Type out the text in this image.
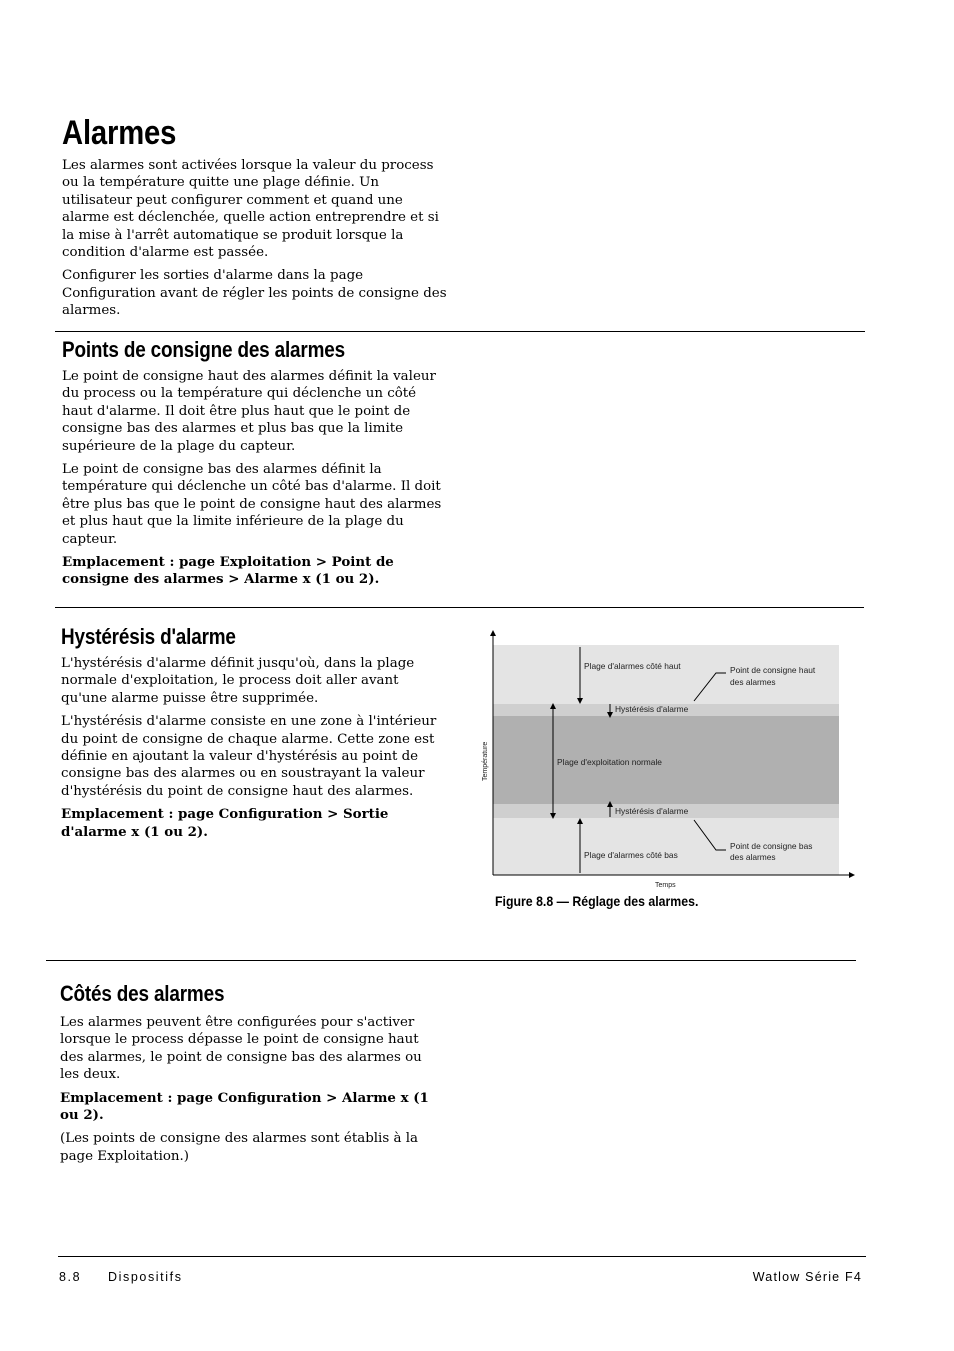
Alarmes

Les alarmes sont activées lorsque la valeur du process ou la température quitte une plage définie. Un utilisateur peut configurer comment et quand une alarme est déclenchée, quelle action entreprendre et si la mise à l'arrêt automatique se produit lorsque la condition d'alarme est passée.

Configurer les sorties d'alarme dans la page Configuration avant de régler les points de consigne des alarmes.

Points de consigne des alarmes

Le point de consigne haut des alarmes définit la valeur du process ou la température qui déclenche un côté haut d'alarme. Il doit être plus haut que le point de consigne bas des alarmes et plus bas que la limite supérieure de la plage du capteur.

Le point de consigne bas des alarmes définit la température qui déclenche un côté bas d'alarme. Il doit être plus bas que le point de consigne haut des alarmes et plus haut que la limite inférieure de la plage du capteur.

Emplacement : page Exploitation > Point de consigne des alarmes > Alarme x (1 ou 2).

Hystérésis d'alarme

L'hystérésis d'alarme définit jusqu'où, dans la plage normale d'exploitation, le process doit aller avant qu'une alarme puisse être supprimée.

L'hystérésis d'alarme consiste en une zone à l'intérieur du point de consigne de chaque alarme. Cette zone est définie en ajoutant la valeur d'hystérésis au point de consigne bas des alarmes ou en soustrayant la valeur d'hystérésis du point de consigne haut des alarmes.

Emplacement : page Configuration > Sortie d'alarme x (1 ou 2).

Plage d'alarmes côté haut
Hystérésis d'alarme
Plage d'exploitation normale
Hystérésis d'alarme
Plage d'alarmes côté bas
Point de consigne haut
des alarmes
Point de consigne bas
des alarmes
Temps
Température
Figure 8.8 — Réglage des alarmes.
Côtés des alarmes

Les alarmes peuvent être configurées pour s'activer lorsque le process dépasse le point de consigne haut des alarmes, le point de consigne bas des alarmes ou les deux.

Emplacement : page Configuration > Alarme x (1 ou 2).

(Les points de consigne des alarmes sont établis à la page Exploitation.)

8.8 Dispositifs	Watlow Série F4
